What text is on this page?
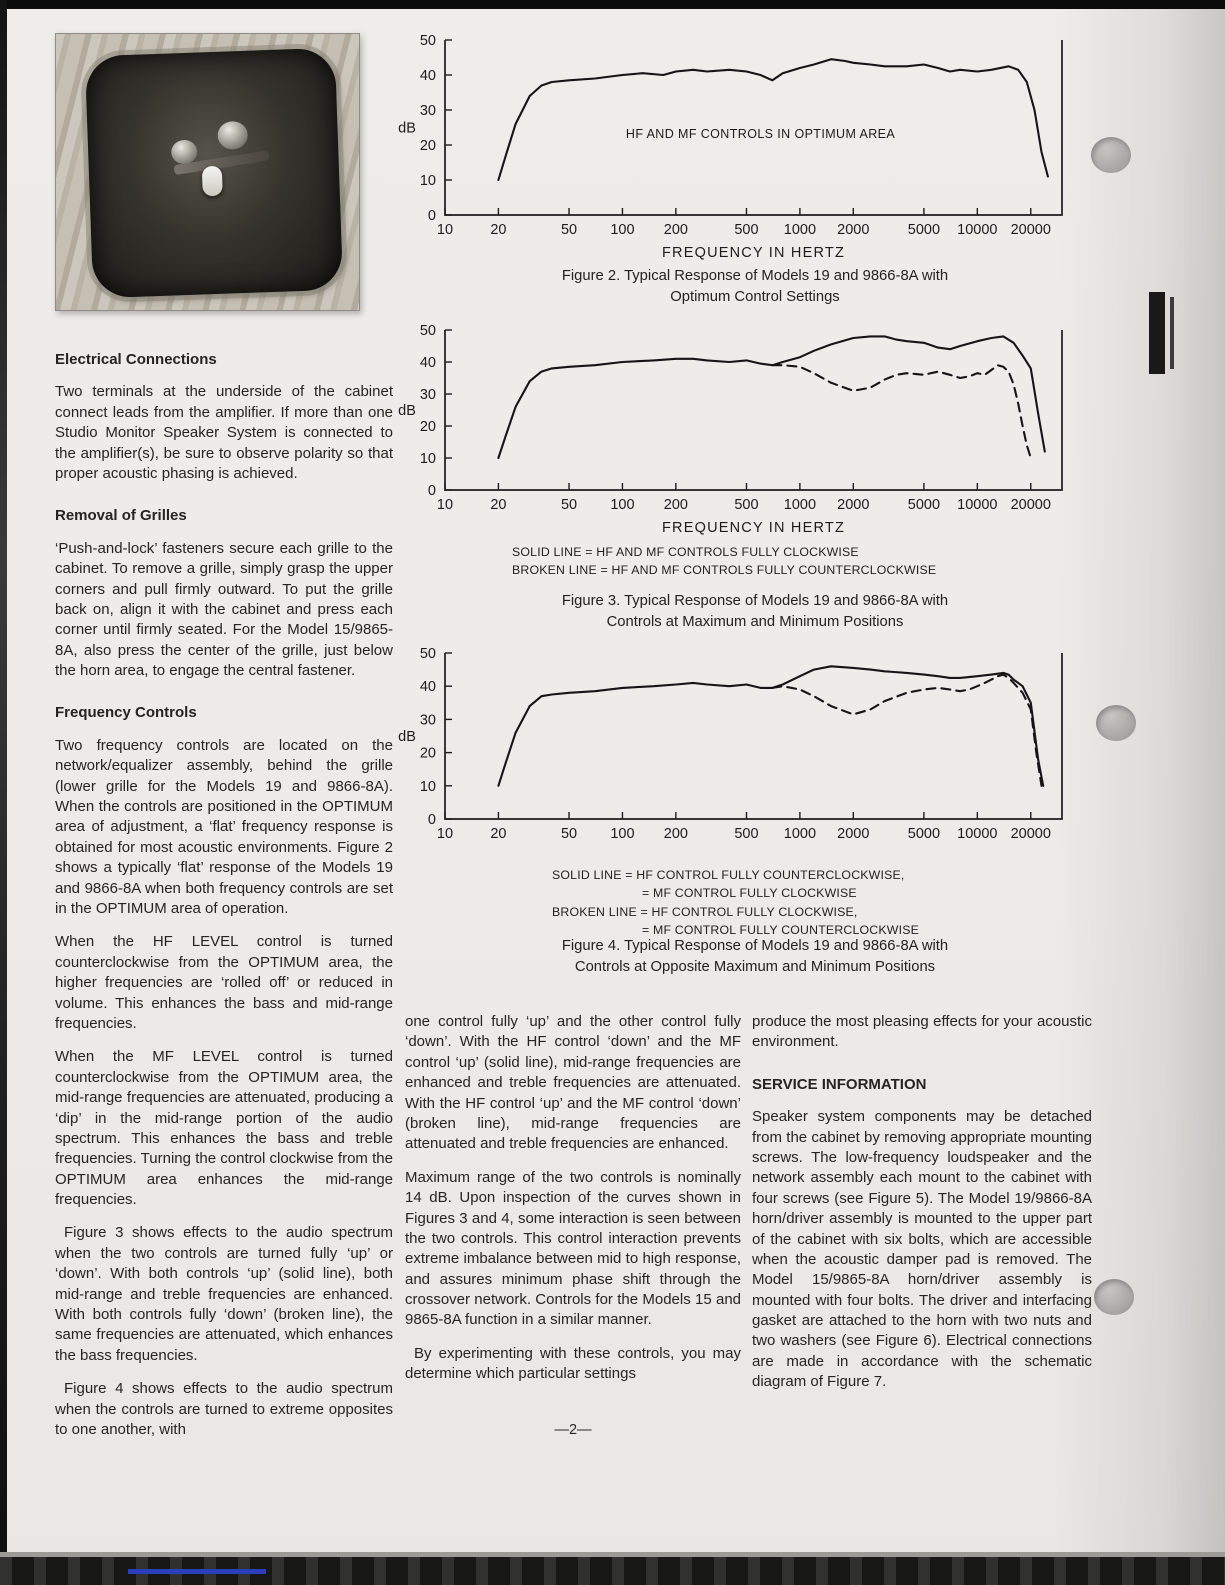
0
10
20
30
40
50
dB
10	20	50 100 200	500 1000 2000	5000 10000 20000
FREQUENCY IN HERTZ
HF AND MF CONTROLS IN OPTIMUM AREA
Figure 2. Typical Response of Models 19 and 9866-8A with
Optimum Control Settings
0
10
20
30
40
50
dB
10	20	50 100 200	500 1000 2000	5000 10000 20000
FREQUENCY IN HERTZ
SOLID LINE = HF AND MF CONTROLS FULLY CLOCKWISE
BROKEN LINE = HF AND MF CONTROLS FULLY COUNTERCLOCKWISE
Figure 3. Typical Response of Models 19 and 9866-8A with
Controls at Maximum and Minimum Positions
0
10
20
30
40
50
dB
10	20	50 100 200	500 1000 2000	5000 10000 20000
SOLID LINE = HF CONTROL FULLY COUNTERCLOCKWISE,
= MF CONTROL FULLY CLOCKWISE
BROKEN LINE = HF CONTROL FULLY CLOCKWISE,
= MF CONTROL FULLY COUNTERCLOCKWISE
Figure 4. Typical Response of Models 19 and 9866-8A with
Controls at Opposite Maximum and Minimum Positions
Electrical Connections

Two terminals at the underside of the cabinet connect leads from the amplifier. If more than one Studio Monitor Speaker System is connected to the amplifier(s), be sure to observe polarity so that proper acoustic phasing is achieved.

Removal of Grilles

‘Push-and-lock’ fasteners secure each grille to the cabinet. To remove a grille, simply grasp the upper corners and pull firmly outward. To put the grille back on, align it with the cabinet and press each corner until firmly seated. For the Model 15/9865-8A, also press the center of the grille, just below the horn area, to engage the central fastener.

Frequency Controls

Two frequency controls are located on the network/equalizer assembly, behind the grille (lower grille for the Models 19 and 9866-8A). When the controls are positioned in the OPTIMUM area of adjustment, a ‘flat’ frequency response is obtained for most acoustic environments. Figure 2 shows a typically ‘flat’ response of the Models 19 and 9866-8A when both frequency controls are set in the OPTIMUM area of operation.

When the HF LEVEL control is turned counterclockwise from the OPTIMUM area, the higher frequencies are ‘rolled off’ or reduced in volume. This enhances the bass and mid-range frequencies.

When the MF LEVEL control is turned counterclockwise from the OPTIMUM area, the mid-range frequencies are attenuated, producing a ‘dip’ in the mid-range portion of the audio spectrum. This enhances the bass and treble frequencies. Turning the control clockwise from the OPTIMUM area enhances the mid-range frequencies.

Figure 3 shows effects to the audio spectrum when the two controls are turned fully ‘up’ or ‘down’. With both controls ‘up’ (solid line), both mid-range and treble frequencies are enhanced. With both controls fully ‘down’ (broken line), the same frequencies are attenuated, which enhances the bass frequencies.

Figure 4 shows effects to the audio spectrum when the controls are turned to extreme opposites to one another, with

one control fully ‘up’ and the other control fully ‘down’. With the HF control ‘down’ and the MF control ‘up’ (solid line), mid-range frequencies are enhanced and treble frequencies are attenuated. With the HF control ‘up’ and the MF control ‘down’ (broken line), mid-range frequencies are attenuated and treble frequencies are enhanced.

Maximum range of the two controls is nominally 14 dB. Upon inspection of the curves shown in Figures 3 and 4, some interaction is seen between the two controls. This control interaction prevents extreme imbalance between mid to high response, and assures minimum phase shift through the crossover network. Controls for the Models 15 and 9865-8A function in a similar manner.

By experimenting with these controls, you may determine which particular settings

produce the most pleasing effects for your acoustic environment.

SERVICE INFORMATION

Speaker system components may be detached from the cabinet by removing appropriate mounting screws. The low-frequency loudspeaker and the network assembly each mount to the cabinet with four screws (see Figure 5). The Model 19/9866-8A horn/driver assembly is mounted to the upper part of the cabinet with six bolts, which are accessible when the acoustic damper pad is removed. The Model 15/9865-8A horn/driver assembly is mounted with four bolts. The driver and interfacing gasket are attached to the horn with two nuts and two washers (see Figure 6). Electrical connections are made in accordance with the schematic diagram of Figure 7.

—2—
